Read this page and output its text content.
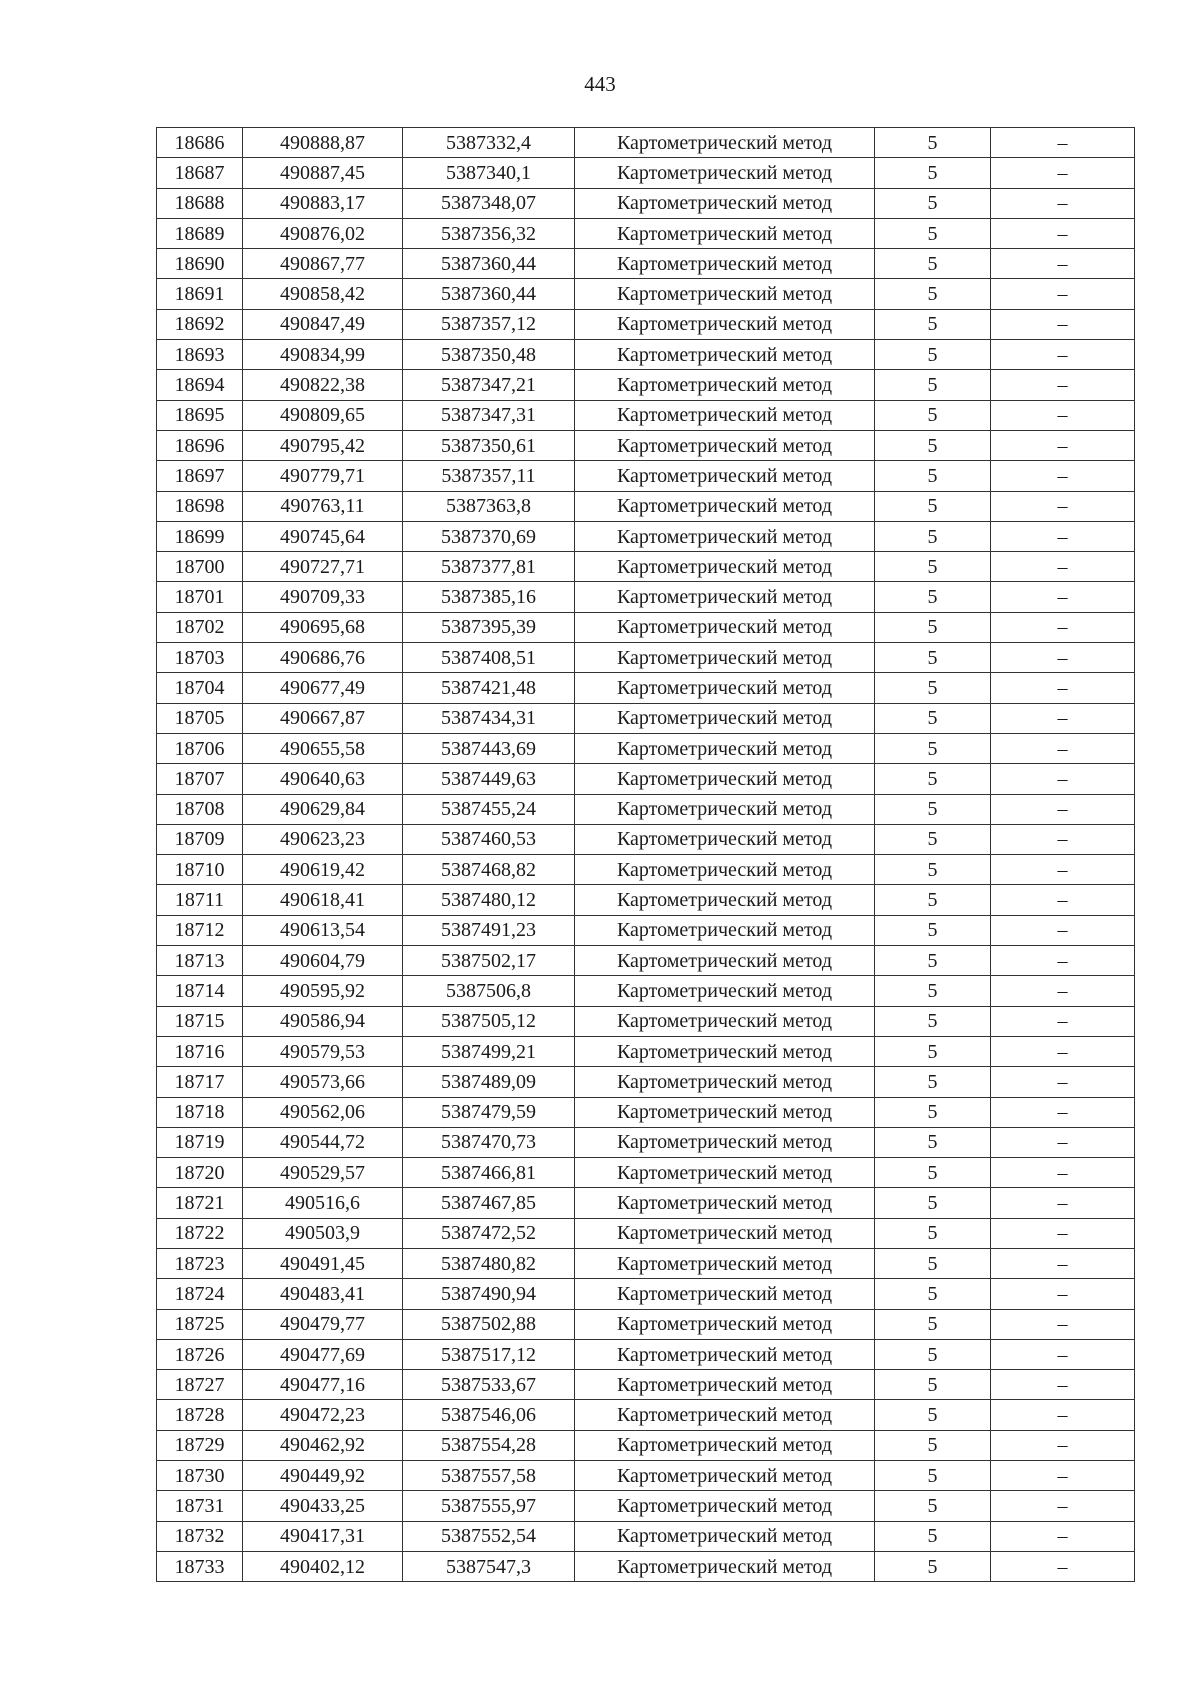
443
18686	490888,87	5387332,4	Картометрический метод	5	–
18687	490887,45	5387340,1	Картометрический метод	5	–
18688	490883,17	5387348,07	Картометрический метод	5	–
18689	490876,02	5387356,32	Картометрический метод	5	–
18690	490867,77	5387360,44	Картометрический метод	5	–
18691	490858,42	5387360,44	Картометрический метод	5	–
18692	490847,49	5387357,12	Картометрический метод	5	–
18693	490834,99	5387350,48	Картометрический метод	5	–
18694	490822,38	5387347,21	Картометрический метод	5	–
18695	490809,65	5387347,31	Картометрический метод	5	–
18696	490795,42	5387350,61	Картометрический метод	5	–
18697	490779,71	5387357,11	Картометрический метод	5	–
18698	490763,11	5387363,8	Картометрический метод	5	–
18699	490745,64	5387370,69	Картометрический метод	5	–
18700	490727,71	5387377,81	Картометрический метод	5	–
18701	490709,33	5387385,16	Картометрический метод	5	–
18702	490695,68	5387395,39	Картометрический метод	5	–
18703	490686,76	5387408,51	Картометрический метод	5	–
18704	490677,49	5387421,48	Картометрический метод	5	–
18705	490667,87	5387434,31	Картометрический метод	5	–
18706	490655,58	5387443,69	Картометрический метод	5	–
18707	490640,63	5387449,63	Картометрический метод	5	–
18708	490629,84	5387455,24	Картометрический метод	5	–
18709	490623,23	5387460,53	Картометрический метод	5	–
18710	490619,42	5387468,82	Картометрический метод	5	–
18711	490618,41	5387480,12	Картометрический метод	5	–
18712	490613,54	5387491,23	Картометрический метод	5	–
18713	490604,79	5387502,17	Картометрический метод	5	–
18714	490595,92	5387506,8	Картометрический метод	5	–
18715	490586,94	5387505,12	Картометрический метод	5	–
18716	490579,53	5387499,21	Картометрический метод	5	–
18717	490573,66	5387489,09	Картометрический метод	5	–
18718	490562,06	5387479,59	Картометрический метод	5	–
18719	490544,72	5387470,73	Картометрический метод	5	–
18720	490529,57	5387466,81	Картометрический метод	5	–
18721	490516,6	5387467,85	Картометрический метод	5	–
18722	490503,9	5387472,52	Картометрический метод	5	–
18723	490491,45	5387480,82	Картометрический метод	5	–
18724	490483,41	5387490,94	Картометрический метод	5	–
18725	490479,77	5387502,88	Картометрический метод	5	–
18726	490477,69	5387517,12	Картометрический метод	5	–
18727	490477,16	5387533,67	Картометрический метод	5	–
18728	490472,23	5387546,06	Картометрический метод	5	–
18729	490462,92	5387554,28	Картометрический метод	5	–
18730	490449,92	5387557,58	Картометрический метод	5	–
18731	490433,25	5387555,97	Картометрический метод	5	–
18732	490417,31	5387552,54	Картометрический метод	5	–
18733	490402,12	5387547,3	Картометрический метод	5	–
